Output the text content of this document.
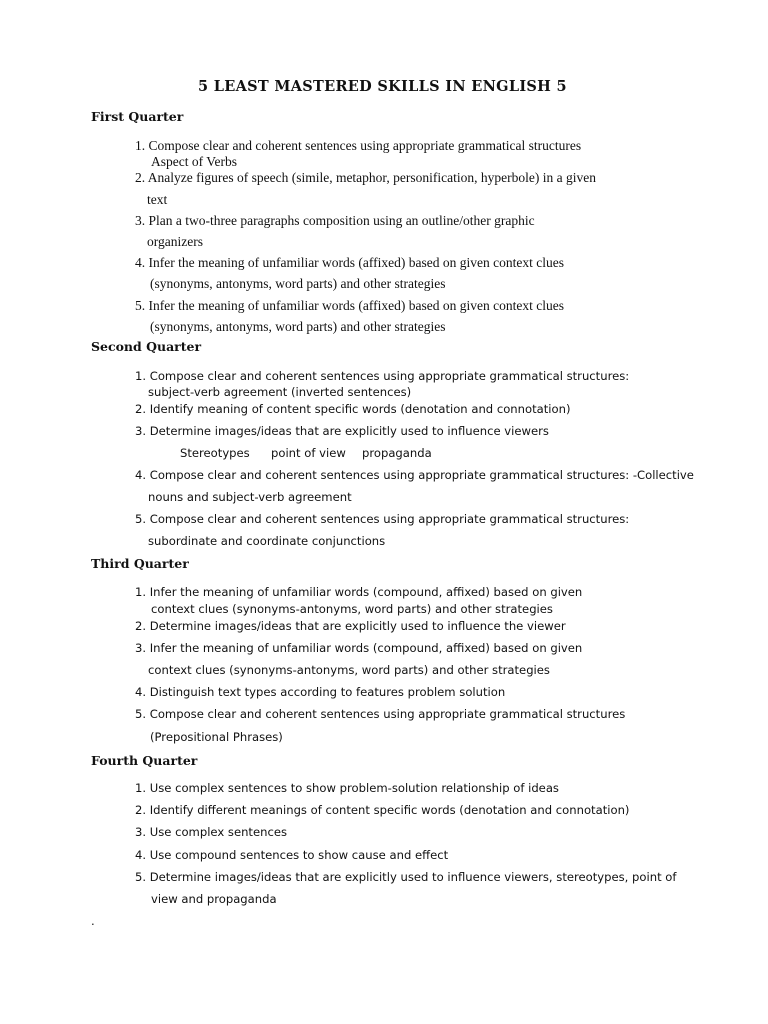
5 LEAST MASTERED SKILLS IN ENGLISH 5
First Quarter
1. Compose clear and coherent sentences using appropriate grammatical structures
Aspect of Verbs
2. Analyze figures of speech (simile, metaphor, personification, hyperbole) in a given
text
3. Plan a two-three paragraphs composition using an outline/other graphic
organizers
4. Infer the meaning of unfamiliar words (affixed) based on given context clues
(synonyms, antonyms, word parts) and other strategies
5. Infer the meaning of unfamiliar words (affixed) based on given context clues
(synonyms, antonyms, word parts) and other strategies
Second Quarter
1. Compose clear and coherent sentences using appropriate grammatical structures:
subject-verb agreement (inverted sentences)
2. Identify meaning of content specific words (denotation and connotation)
3. Determine images/ideas that are explicitly used to influence viewers
Stereotypes point of view propaganda
4. Compose clear and coherent sentences using appropriate grammatical structures: -Collective
nouns and subject-verb agreement
5. Compose clear and coherent sentences using appropriate grammatical structures:
subordinate and coordinate conjunctions
Third Quarter
1. Infer the meaning of unfamiliar words (compound, affixed) based on given
context clues (synonyms-antonyms, word parts) and other strategies
2. Determine images/ideas that are explicitly used to influence the viewer
3. Infer the meaning of unfamiliar words (compound, affixed) based on given
context clues (synonyms-antonyms, word parts) and other strategies
4. Distinguish text types according to features problem solution
5. Compose clear and coherent sentences using appropriate grammatical structures
(Prepositional Phrases)
Fourth Quarter
1. Use complex sentences to show problem-solution relationship of ideas
2. Identify different meanings of content specific words (denotation and connotation)
3. Use complex sentences
4. Use compound sentences to show cause and effect
5. Determine images/ideas that are explicitly used to influence viewers, stereotypes, point of
view and propaganda
.
